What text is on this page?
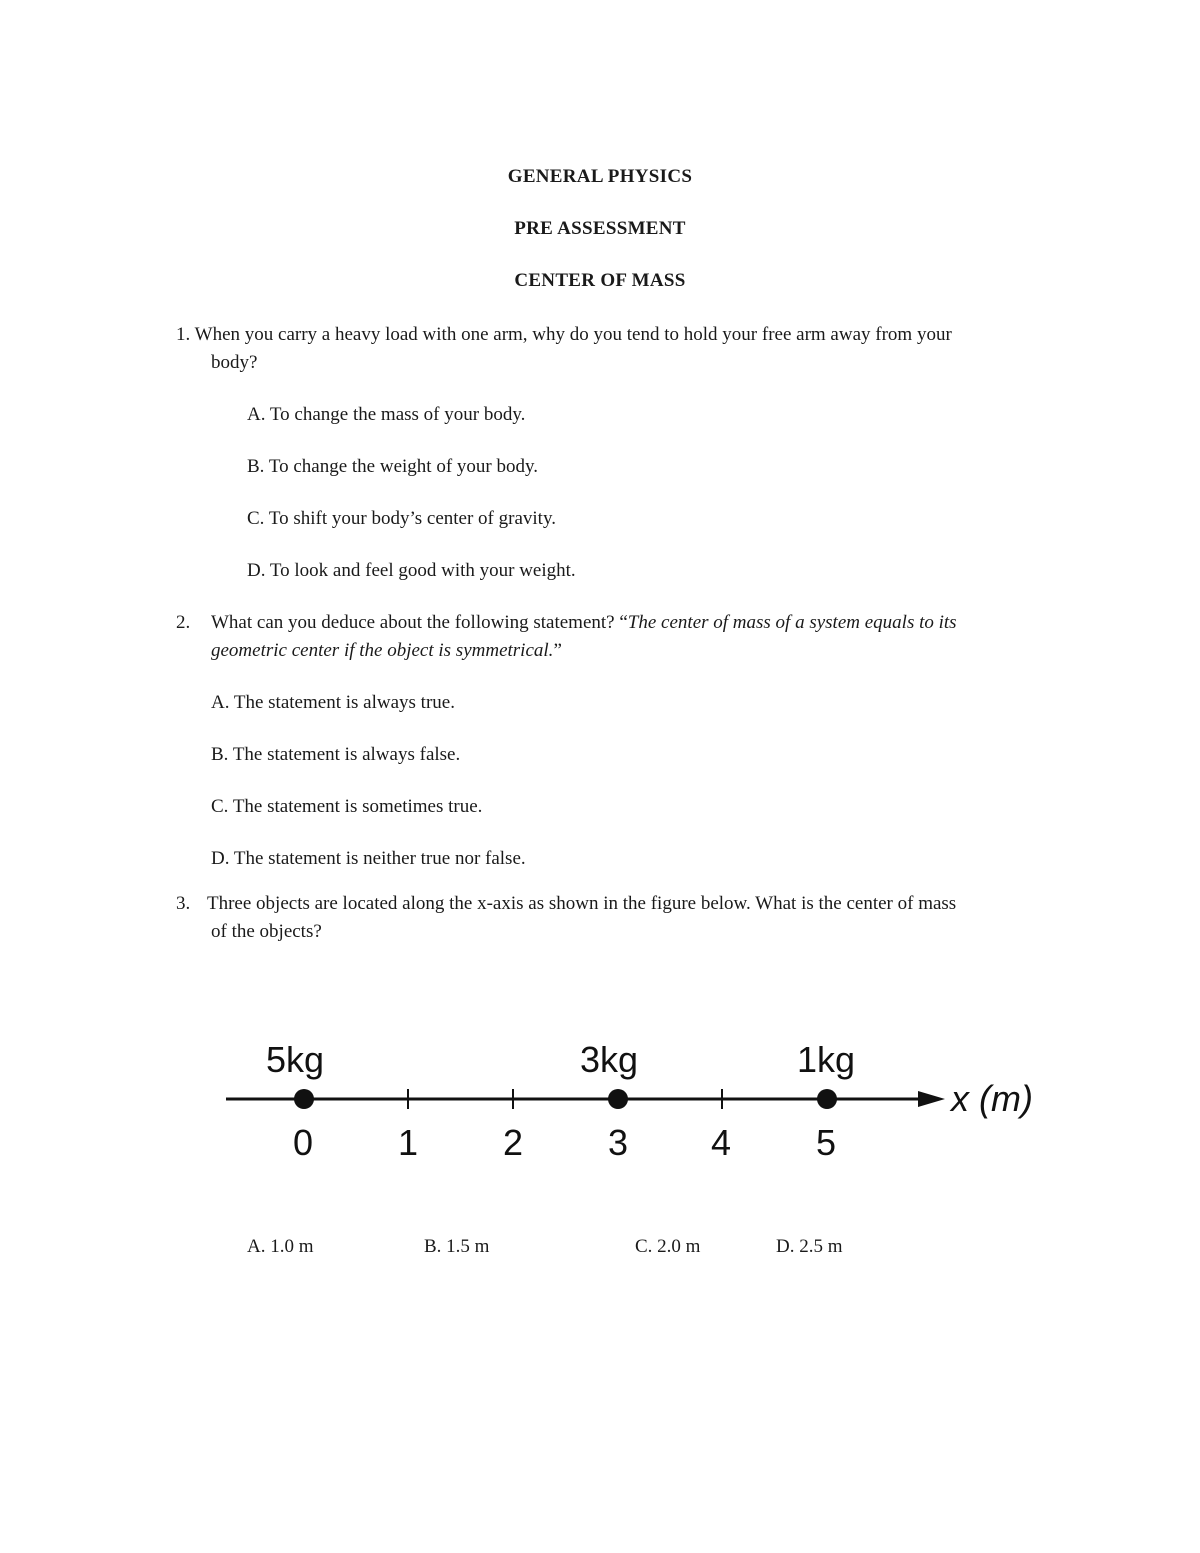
GENERAL PHYSICS
PRE ASSESSMENT
CENTER OF MASS
1. When you carry a heavy load with one arm, why do you tend to hold your free arm away from your
body?
A. To change the mass of your body.
B. To change the weight of your body.
C. To shift your body’s center of gravity.
D. To look and feel good with your weight.
2. What can you deduce about the following statement? “The center of mass of a system equals to its
geometric center if the object is symmetrical.”
A. The statement is always true.
B. The statement is always false.
C. The statement is sometimes true.
D. The statement is neither true nor false.
3. Three objects are located along the x-axis as shown in the figure below. What is the center of mass
of the objects?
x (m)
5kg	3kg	1kg
0 1 2 3 4 5
A. 1.0 m	B. 1.5 m	C. 2.0 m	D. 2.5 m
